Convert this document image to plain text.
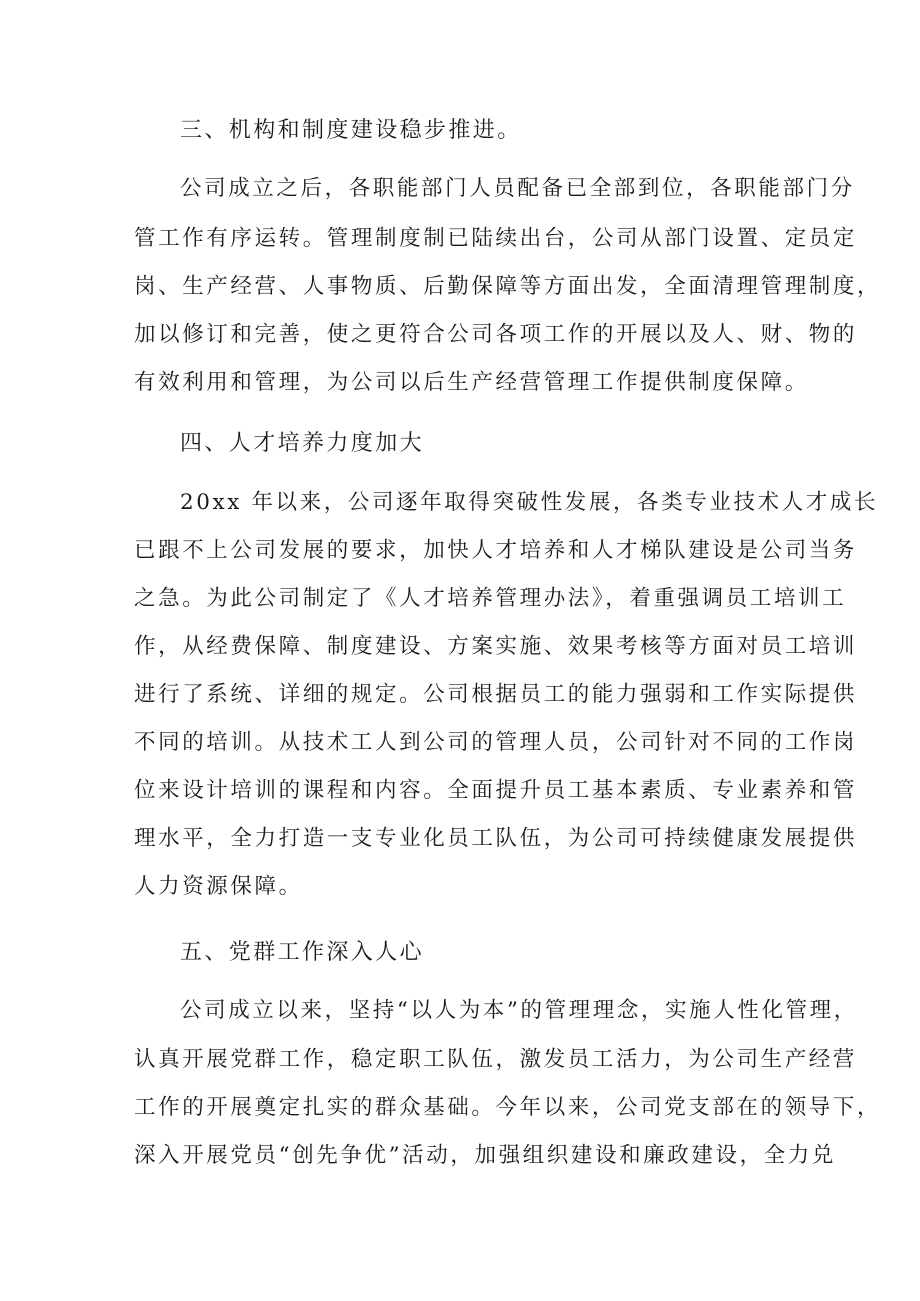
三、机构和制度建设稳步推进。
公司成立之后，各职能部门人员配备已全部到位，各职能部门分
管工作有序运转。管理制度制已陆续出台，公司从部门设置、定员定
岗、生产经营、人事物质、后勤保障等方面出发，全面清理管理制度，
加以修订和完善，使之更符合公司各项工作的开展以及人、财、物的
有效利用和管理，为公司以后生产经营管理工作提供制度保障。
四、人才培养力度加大
20xx 年以来，公司逐年取得突破性发展，各类专业技术人才成长
已跟不上公司发展的要求，加快人才培养和人才梯队建设是公司当务
之急。为此公司制定了《人才培养管理办法》，着重强调员工培训工
作，从经费保障、制度建设、方案实施、效果考核等方面对员工培训
进行了系统、详细的规定。公司根据员工的能力强弱和工作实际提供
不同的培训。从技术工人到公司的管理人员，公司针对不同的工作岗
位来设计培训的课程和内容。全面提升员工基本素质、专业素养和管
理水平，全力打造一支专业化员工队伍，为公司可持续健康发展提供
人力资源保障。
五、党群工作深入人心
公司成立以来，坚持“以人为本”的管理理念，实施人性化管理，
认真开展党群工作，稳定职工队伍，激发员工活力，为公司生产经营
工作的开展奠定扎实的群众基础。今年以来，公司党支部在的领导下，
深入开展党员“创先争优”活动，加强组织建设和廉政建设，全力兑
